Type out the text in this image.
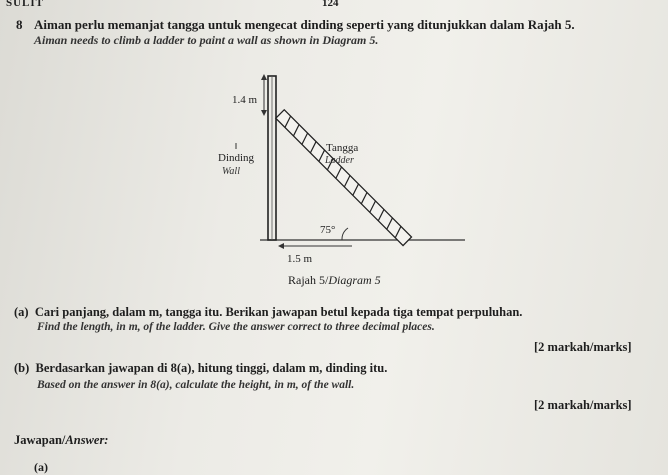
SULIT	124
8 Aiman perlu memanjat tangga untuk mengecat dinding seperti yang ditunjukkan dalam Rajah 5.
Aiman needs to climb a ladder to paint a wall as shown in Diagram 5.
1.4 m
Dinding
Wall
Tangga
Ladder
75°
1.5 m
Rajah 5/Diagram 5
(a) Cari panjang, dalam m, tangga itu. Berikan jawapan betul kepada tiga tempat perpuluhan.
Find the length, in m, of the ladder. Give the answer correct to three decimal places.
[2 markah/marks]
(b) Berdasarkan jawapan di 8(a), hitung tinggi, dalam m, dinding itu.
Based on the answer in 8(a), calculate the height, in m, of the wall.
[2 markah/marks]
Jawapan/Answer:
(a)
